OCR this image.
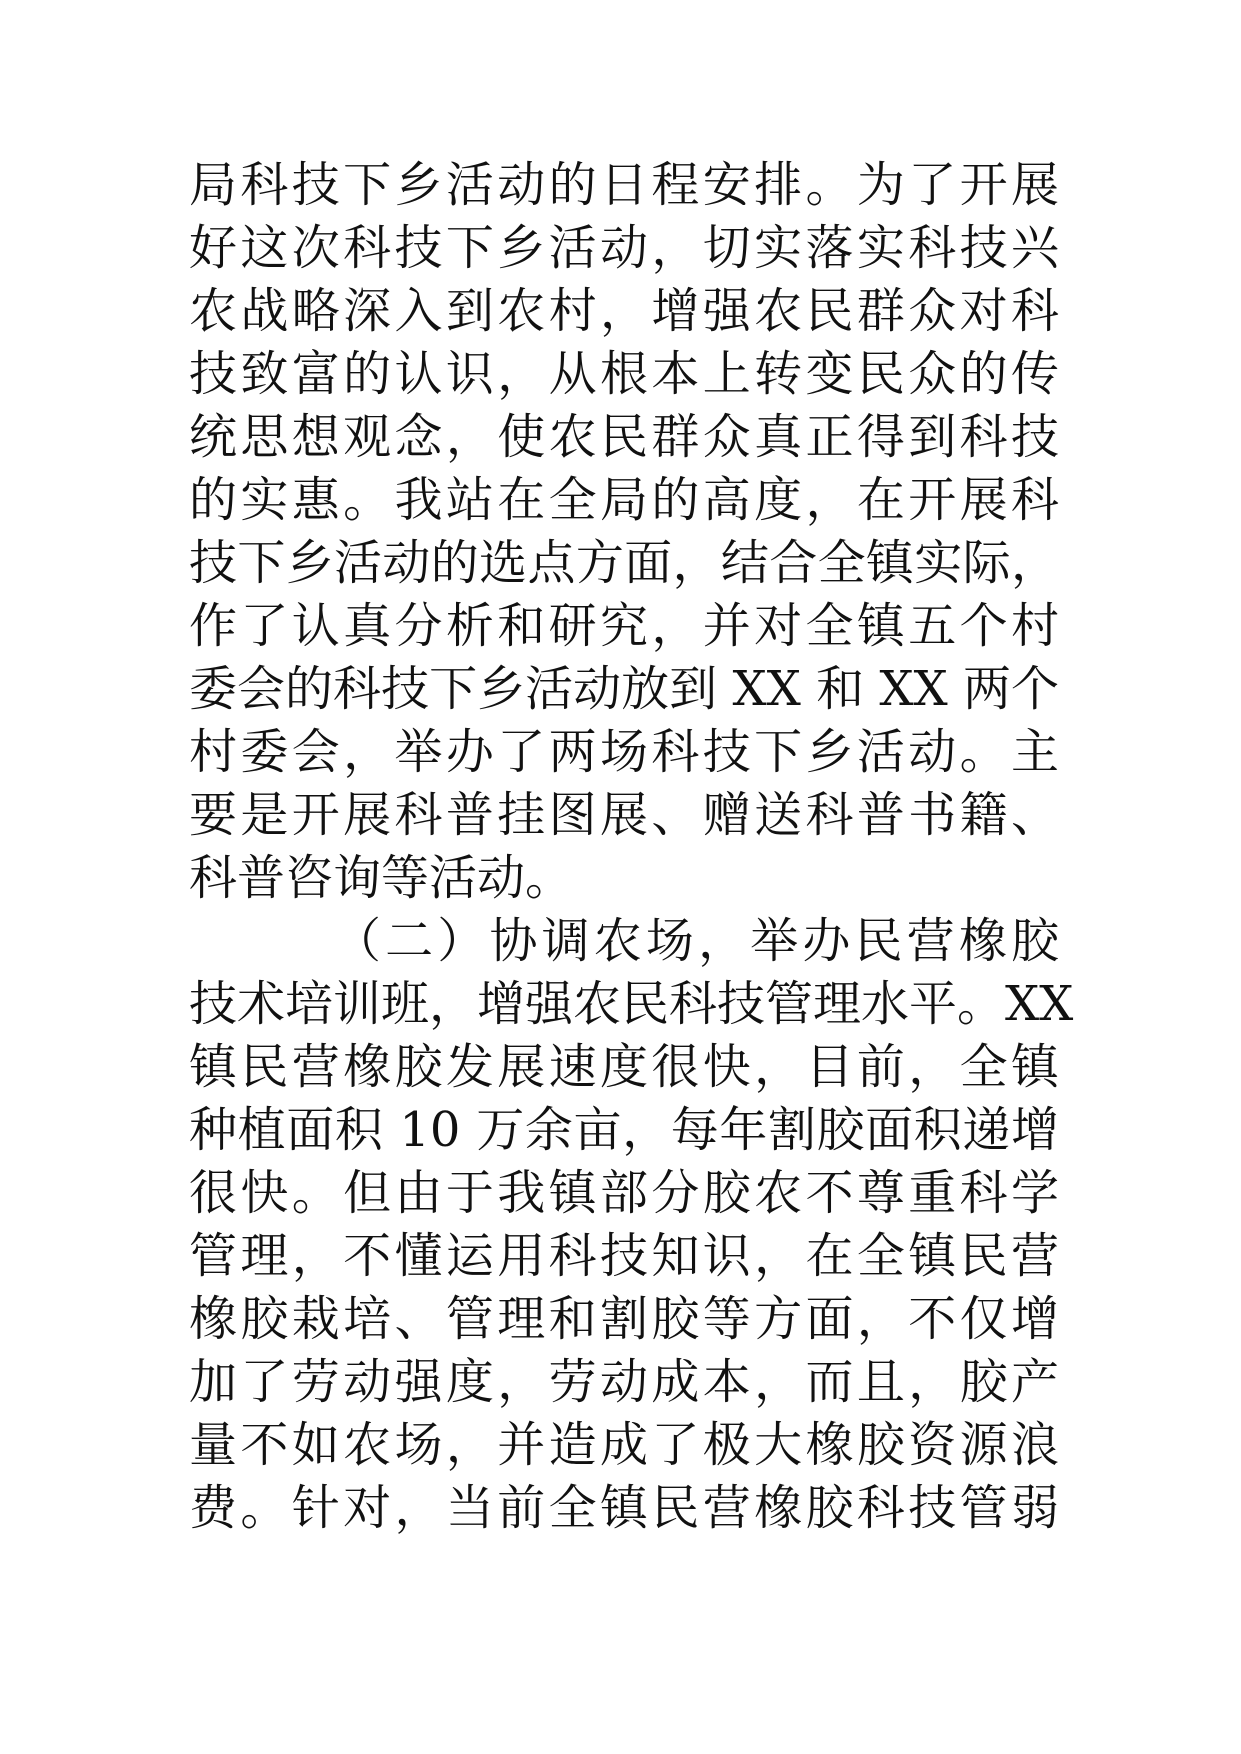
局科技下乡活动的日程安排。为了开展
好这次科技下乡活动，切实落实科技兴
农战略深入到农村，增强农民群众对科
技致富的认识，从根本上转变民众的传
统思想观念，使农民群众真正得到科技
的实惠。我站在全局的高度，在开展科
技下乡活动的选点方面，结合全镇实际，
作了认真分析和研究，并对全镇五个村
委会的科技下乡活动放到 XX 和 XX 两个
村委会，举办了两场科技下乡活动。主
要是开展科普挂图展、赠送科普书籍、
科普咨询等活动。
（二）协调农场，举办民营橡胶
技术培训班，增强农民科技管理水平。XX
镇民营橡胶发展速度很快，目前，全镇
种植面积 10 万余亩，每年割胶面积递增
很快。但由于我镇部分胶农不尊重科学
管理，不懂运用科技知识，在全镇民营
橡胶栽培、管理和割胶等方面，不仅增
加了劳动强度，劳动成本，而且，胶产
量不如农场，并造成了极大橡胶资源浪
费。针对，当前全镇民营橡胶科技管弱
